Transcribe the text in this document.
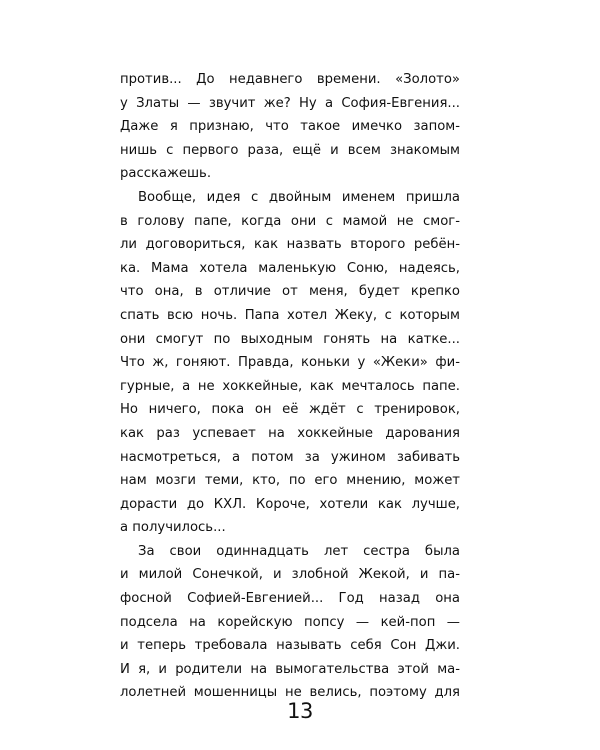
против... До недавнего времени. «Золото»
у Златы — звучит же? Ну а София-Евгения...
Даже я признаю, что такое имечко запом-
нишь с первого раза, ещё и всем знакомым
расскажешь.
Вообще, идея с двойным именем пришла
в голову папе, когда они с мамой не смог-
ли договориться, как назвать второго ребён-
ка. Мама хотела маленькую Соню, надеясь,
что она, в отличие от меня, будет крепко
спать всю ночь. Папа хотел Жеку, с которым
они смогут по выходным гонять на катке...
Что ж, гоняют. Правда, коньки у «Жеки» фи-
гурные, а не хоккейные, как мечталось папе.
Но ничего, пока он её ждёт с тренировок,
как раз успевает на хоккейные дарования
насмотреться, а потом за ужином забивать
нам мозги теми, кто, по его мнению, может
дорасти до КХЛ. Короче, хотели как лучше,
а получилось...
За свои одиннадцать лет сестра была
и милой Сонечкой, и злобной Жекой, и па-
фосной Софией-Евгенией... Год назад она
подсела на корейскую попсу — кей-поп —
и теперь требовала называть себя Сон Джи.
И я, и родители на вымогательства этой ма-
лолетней мошенницы не велись, поэтому для
13
